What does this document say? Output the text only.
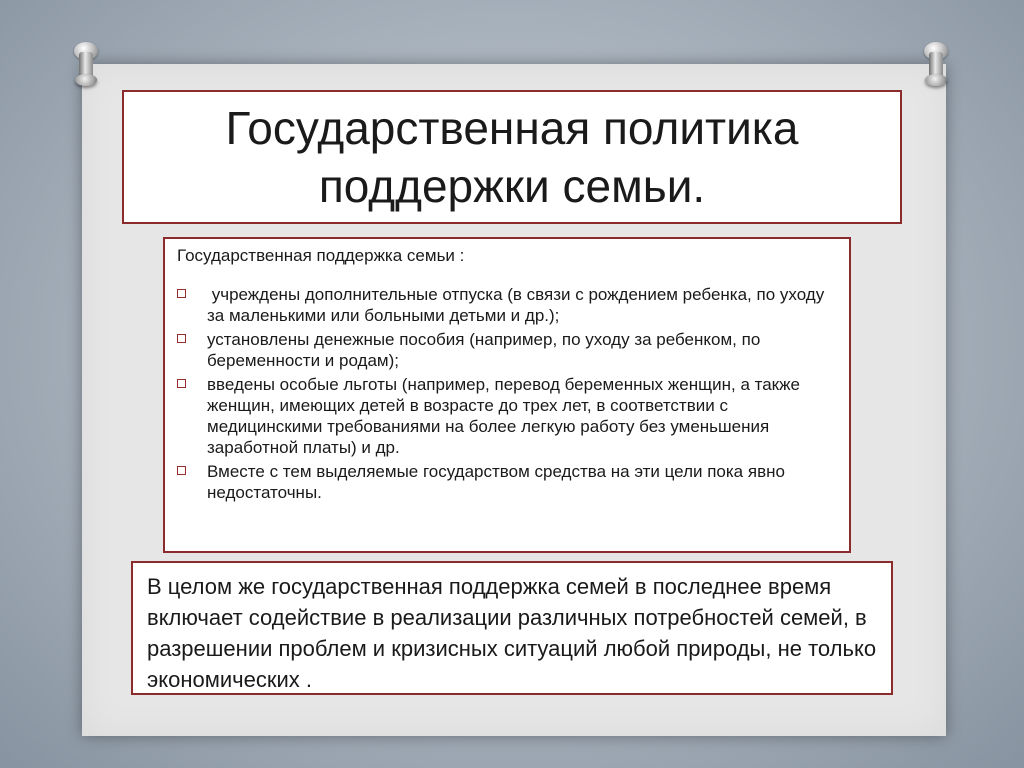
Государственная политика
поддержки семьи.

Государственная поддержка семьи :

учреждены дополнительные отпуска (в связи с рождением ребенка, по уходу за маленькими или больными детьми и др.);
установлены денежные пособия (например, по уходу за ребенком, по беременности и родам);
введены особые льготы (например, перевод беременных женщин, а также женщин, имеющих детей в возрасте до трех лет, в соответствии с медицинскими требованиями на более легкую работу без уменьшения заработной платы) и др.
Вместе с тем выделяемые государством средства на эти цели пока явно недостаточны.
В целом же государственная поддержка семей в последнее время включает содействие в реализации различных потребностей семей, в разрешении проблем и кризисных ситуаций любой природы, не только экономических .
